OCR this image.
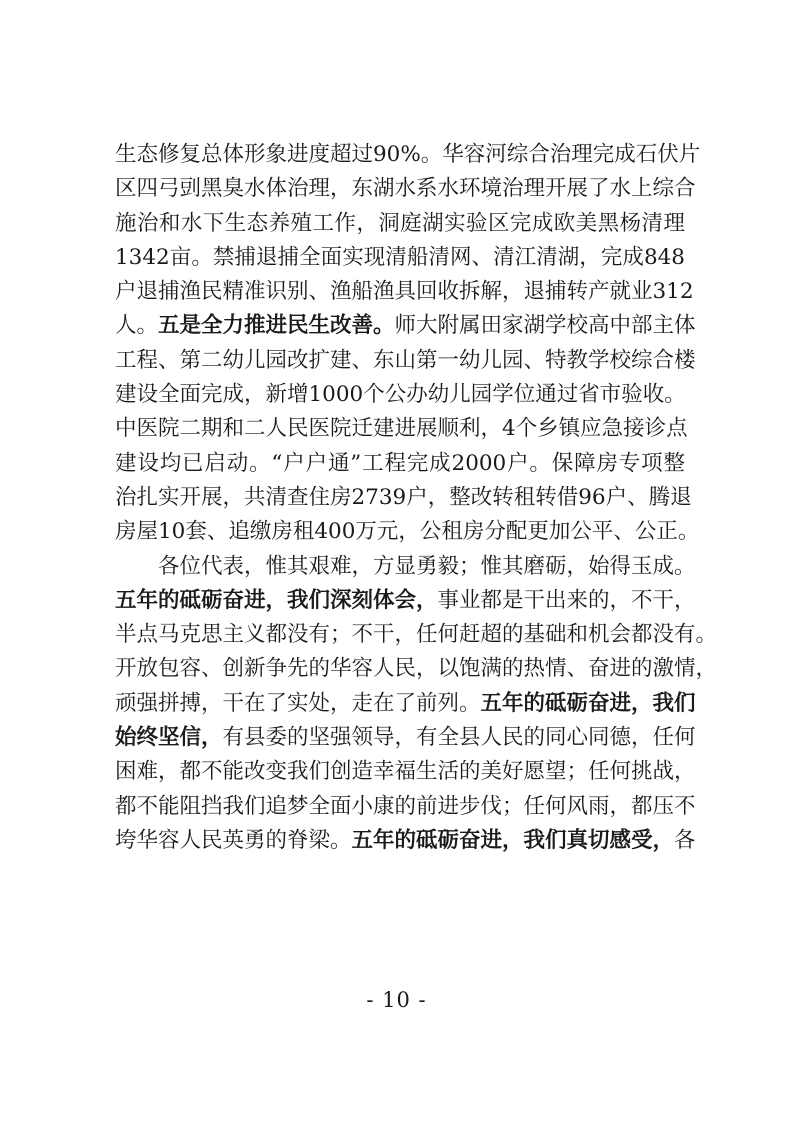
生态修复总体形象进度超过90%。华容河综合治理完成石伏片
区四弓剅黑臭水体治理，东湖水系水环境治理开展了水上综合
施治和水下生态养殖工作，洞庭湖实验区完成欧美黑杨清理
1342亩。禁捕退捕全面实现清船清网、清江清湖，完成848
户退捕渔民精准识别、渔船渔具回收拆解，退捕转产就业312
人。五是全力推进民生改善。师大附属田家湖学校高中部主体
工程、第二幼儿园改扩建、东山第一幼儿园、特教学校综合楼
建设全面完成，新增1000个公办幼儿园学位通过省市验收。
中医院二期和二人民医院迁建进展顺利，4个乡镇应急接诊点
建设均已启动。“户户通”工程完成2000户。保障房专项整
治扎实开展，共清查住房2739户，整改转租转借96户、腾退
房屋10套、追缴房租400万元，公租房分配更加公平、公正。
各位代表，惟其艰难，方显勇毅；惟其磨砺，始得玉成。
五年的砥砺奋进，我们深刻体会，事业都是干出来的，不干，
半点马克思主义都没有；不干，任何赶超的基础和机会都没有。
开放包容、创新争先的华容人民，以饱满的热情、奋进的激情，
顽强拼搏，干在了实处，走在了前列。五年的砥砺奋进，我们
始终坚信，有县委的坚强领导，有全县人民的同心同德，任何
困难，都不能改变我们创造幸福生活的美好愿望；任何挑战，
都不能阻挡我们追梦全面小康的前进步伐；任何风雨，都压不
垮华容人民英勇的脊梁。五年的砥砺奋进，我们真切感受，各
- 10 -
